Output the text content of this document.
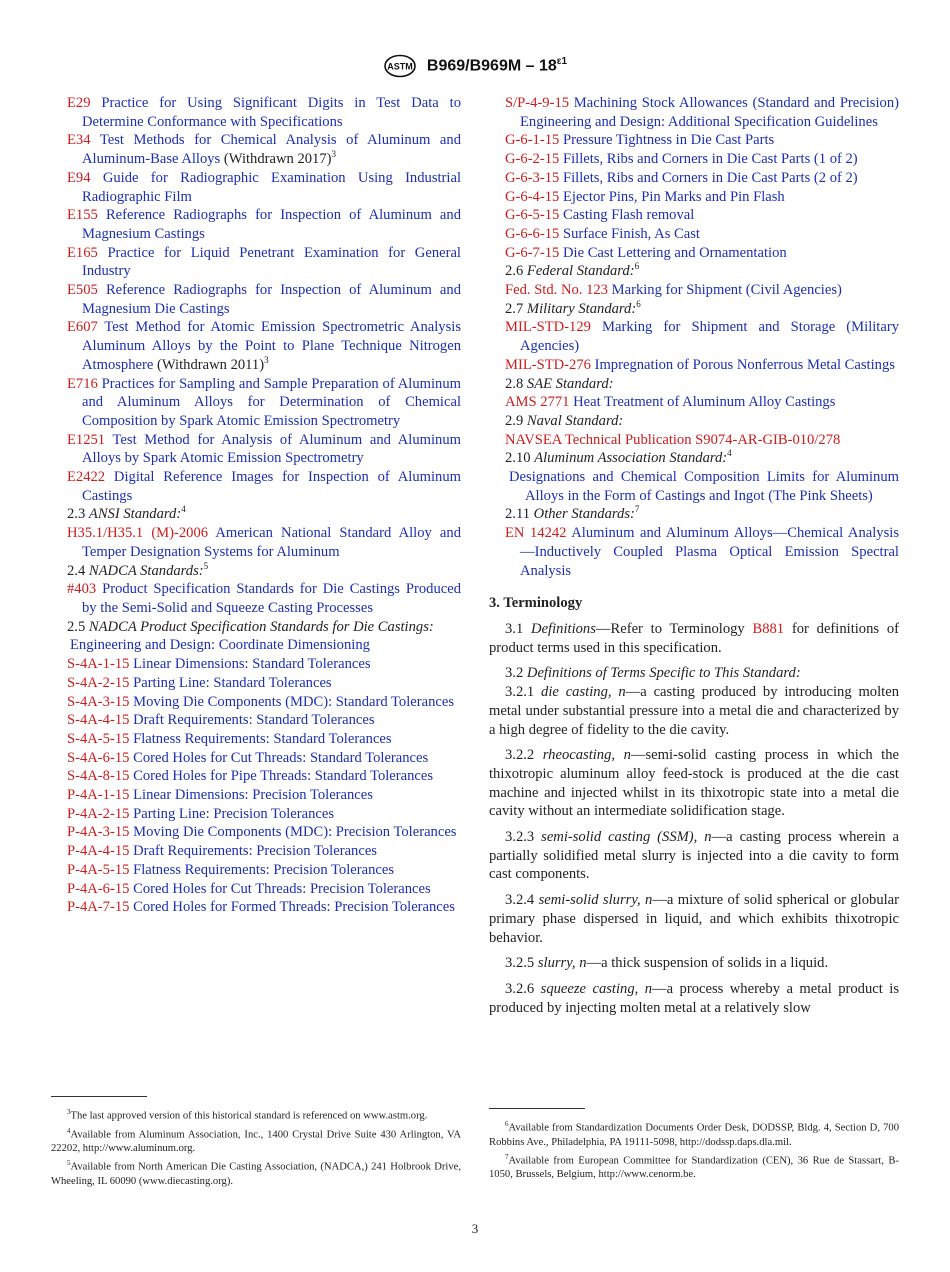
ASTM $B969/B969M - 18^{\varepsilon 1}$
E29 Practice for Using Significant Digits in Test Data to Determine Conformance with Specifications
E34 Test Methods for Chemical Analysis of Aluminum and Aluminum-Base Alloys (Withdrawn 2017)$^3$
E94 Guide for Radiographic Examination Using Industrial Radiographic Film
E155 Reference Radiographs for Inspection of Aluminum and Magnesium Castings
E165 Practice for Liquid Penetrant Examination for General Industry
E505 Reference Radiographs for Inspection of Aluminum and Magnesium Die Castings
E607 Test Method for Atomic Emission Spectrometric Analysis Aluminum Alloys by the Point to Plane Technique Nitrogen Atmosphere (Withdrawn 2011)$^3$
E716 Practices for Sampling and Sample Preparation of Aluminum and Aluminum Alloys for Determination of Chemical Composition by Spark Atomic Emission Spectrometry
E1251 Test Method for Analysis of Aluminum and Aluminum Alloys by Spark Atomic Emission Spectrometry
E2422 Digital Reference Images for Inspection of Aluminum Castings
2.3 ANSI Standard:$^4$
H35.1/H35.1 (M)-2006 American National Standard Alloy and Temper Designation Systems for Aluminum
2.4 NADCA Standards:$^5$
#403 Product Specification Standards for Die Castings Produced by the Semi-Solid and Squeeze Casting Processes
2.5 NADCA Product Specification Standards for Die Castings:
Engineering and Design: Coordinate Dimensioning
S-4A-1-15 Linear Dimensions: Standard Tolerances
S-4A-2-15 Parting Line: Standard Tolerances
S-4A-3-15 Moving Die Components (MDC): Standard Tolerances
S-4A-4-15 Draft Requirements: Standard Tolerances
S-4A-5-15 Flatness Requirements: Standard Tolerances
S-4A-6-15 Cored Holes for Cut Threads: Standard Tolerances
S-4A-8-15 Cored Holes for Pipe Threads: Standard Tolerances
P-4A-1-15 Linear Dimensions: Precision Tolerances
P-4A-2-15 Parting Line: Precision Tolerances
P-4A-3-15 Moving Die Components (MDC): Precision Tolerances
P-4A-4-15 Draft Requirements: Precision Tolerances
P-4A-5-15 Flatness Requirements: Precision Tolerances
P-4A-6-15 Cored Holes for Cut Threads: Precision Tolerances
P-4A-7-15 Cored Holes for Formed Threads: Precision Tolerances
S/P-4-9-15 Machining Stock Allowances (Standard and Precision) Engineering and Design: Additional Specification Guidelines
G-6-1-15 Pressure Tightness in Die Cast Parts
G-6-2-15 Fillets, Ribs and Corners in Die Cast Parts (1 of 2)
G-6-3-15 Fillets, Ribs and Corners in Die Cast Parts (2 of 2)
G-6-4-15 Ejector Pins, Pin Marks and Pin Flash
G-6-5-15 Casting Flash removal
G-6-6-15 Surface Finish, As Cast
G-6-7-15 Die Cast Lettering and Ornamentation
2.6 Federal Standard:$^6$
Fed. Std. No. 123 Marking for Shipment (Civil Agencies)
2.7 Military Standard:$^6$
MIL-STD-129 Marking for Shipment and Storage (Military Agencies)
MIL-STD-276 Impregnation of Porous Nonferrous Metal Castings
2.8 SAE Standard:
AMS 2771 Heat Treatment of Aluminum Alloy Castings
2.9 Naval Standard:
NAVSEA Technical Publication S9074-AR-GIB-010/278
2.10 Aluminum Association Standard:$^4$
Designations and Chemical Composition Limits for Aluminum Alloys in the Form of Castings and Ingot (The Pink Sheets)
2.11 Other Standards:$^7$
EN 14242 Aluminum and Aluminum Alloys—Chemical Analysis—Inductively Coupled Plasma Optical Emission Spectral Analysis
3. Terminology
3.1 Definitions—Refer to Terminology B881 for definitions of product terms used in this specification.
3.2 Definitions of Terms Specific to This Standard:
3.2.1 die casting, n—a casting produced by introducing molten metal under substantial pressure into a metal die and characterized by a high degree of fidelity to the die cavity.
3.2.2 rheocasting, n—semi-solid casting process in which the thixotropic aluminum alloy feed-stock is produced at the die cast machine and injected whilst in its thixotropic state into a metal die cavity without an intermediate solidification stage.
3.2.3 semi-solid casting (SSM), n—a casting process wherein a partially solidified metal slurry is injected into a die cavity to form cast components.
3.2.4 semi-solid slurry, n—a mixture of solid spherical or globular primary phase dispersed in liquid, and which exhibits thixotropic behavior.
3.2.5 slurry, n—a thick suspension of solids in a liquid.
3.2.6 squeeze casting, n—a process whereby a metal product is produced by injecting molten metal at a relatively slow

$^3$The last approved version of this historical standard is referenced on www.astm.org.

$^4$Available from Aluminum Association, Inc., 1400 Crystal Drive Suite 430 Arlington, VA 22202, http://www.aluminum.org.

$^5$Available from North American Die Casting Association, (NADCA,) 241 Holbrook Drive, Wheeling, IL 60090 (www.diecasting.org).

$^6$Available from Standardization Documents Order Desk, DODSSP, Bldg. 4, Section D, 700 Robbins Ave., Philadelphia, PA 19111-5098, http://dodssp.daps.dla.mil.

$^7$Available from European Committee for Standardization (CEN), 36 Rue de Stassart, B-1050, Brussels, Belgium, http://www.cenorm.be.

3
